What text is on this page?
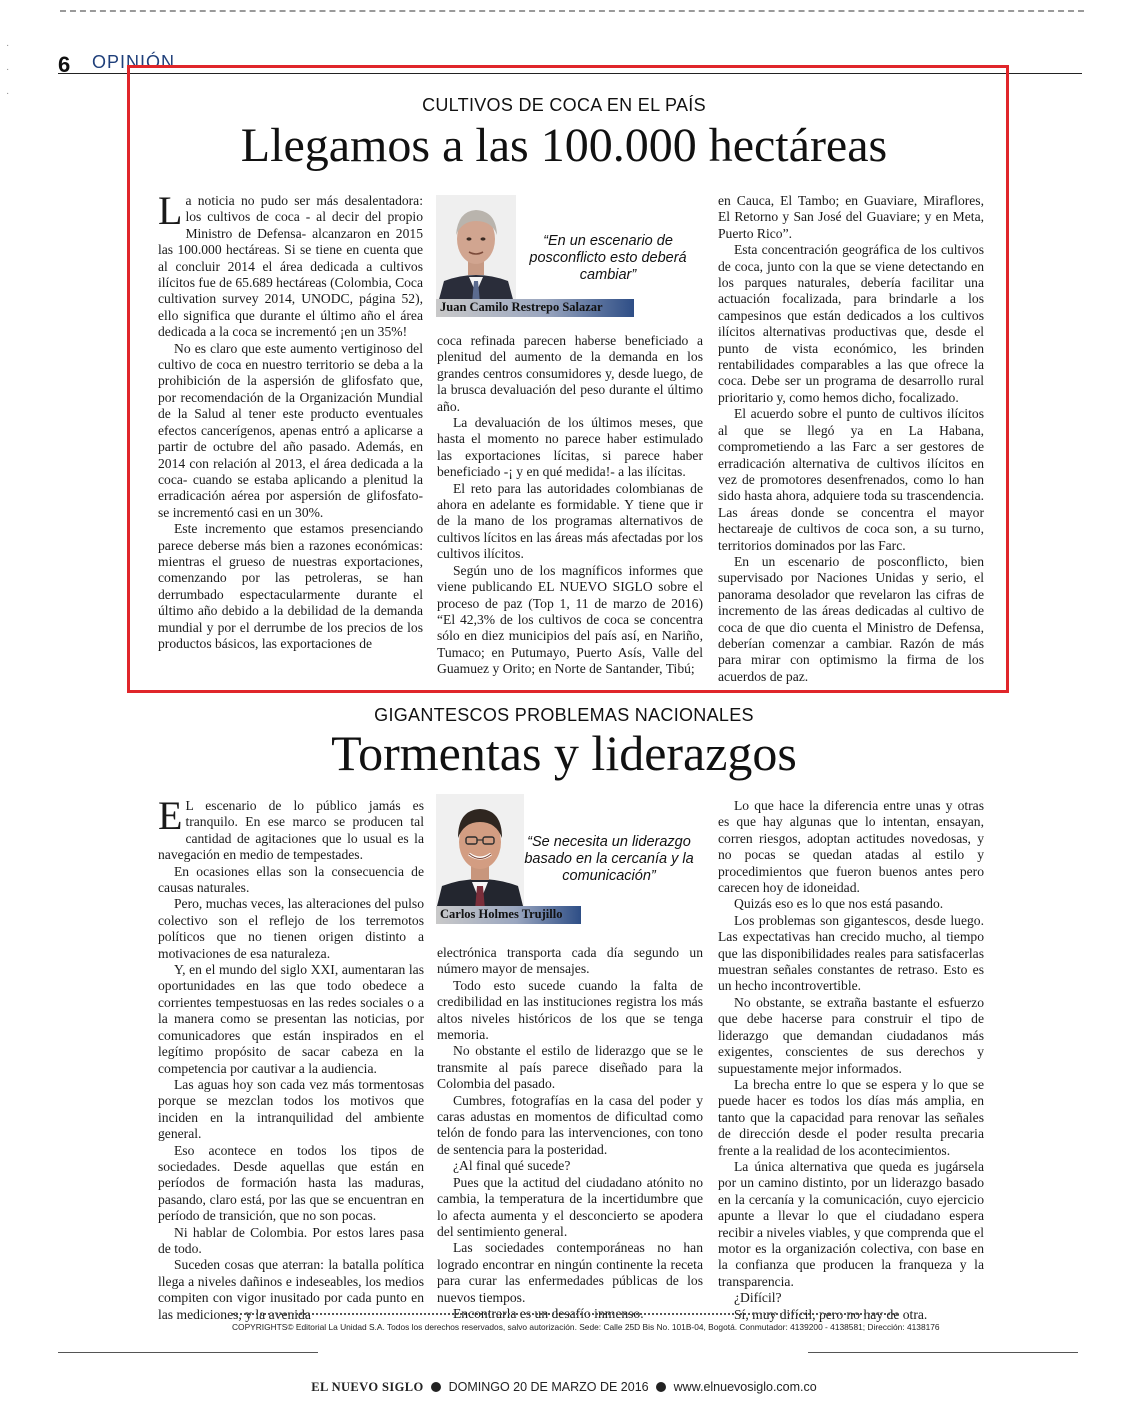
·

·

·
6 OPINIÓN
CULTIVOS DE COCA EN EL PAÍS
Llegamos a las 100.000 hectáreas

La noticia no pudo ser más desalentadora: los cultivos de coca - al decir del propio Ministro de Defensa- alcanzaron en 2015 las 100.000 hectáreas. Si se tiene en cuenta que al concluir 2014 el área dedicada a cultivos ilícitos fue de 65.689 hectáreas (Colombia, Coca cultivation survey 2014, UNODC, página 52), ello significa que durante el último año el área dedicada a la coca se incrementó ¡en un 35%!

No es claro que este aumento vertiginoso del cultivo de coca en nuestro territorio se deba a la prohibición de la aspersión de glifosfato que, por recomendación de la Organización Mundial de la Salud al tener este producto eventuales efectos cancerígenos, apenas entró a aplicarse a partir de octubre del año pasado. Además, en 2014 con relación al 2013, el área dedicada a la coca- cuando se estaba aplicando a plenitud la erradicación aérea por aspersión de glifosfato- se incrementó casi en un 30%.

Este incremento que estamos presenciando parece deberse más bien a razones económicas: mientras el grueso de nuestras exportaciones, comenzando por las petroleras, se han derrumbado espectacularmente durante el último año debido a la debilidad de la demanda mundial y por el derrumbe de los precios de los productos básicos, las exportaciones de

“En un escenario de posconflicto esto deberá cambiar”
Juan Camilo Restrepo Salazar

coca refinada parecen haberse beneficiado a plenitud del aumento de la demanda en los grandes centros consumidores y, desde luego, de la brusca devaluación del peso durante el último año.

La devaluación de los últimos meses, que hasta el momento no parece haber estimulado las exportaciones lícitas, si parece haber beneficiado -¡ y en qué medida!- a las ilícitas.

El reto para las autoridades colombianas de ahora en adelante es formidable. Y tiene que ir de la mano de los programas alternativos de cultivos lícitos en las áreas más afectadas por los cultivos ilícitos.

Según uno de los magníficos informes que viene publicando EL NUEVO SIGLO sobre el proceso de paz (Top 1, 11 de marzo de 2016) “El 42,3% de los cultivos de coca se concentra sólo en diez municipios del país así, en Nariño, Tumaco; en Putumayo, Puerto Asís, Valle del Guamuez y Orito; en Norte de Santander, Tibú;

en Cauca, El Tambo; en Guaviare, Miraflores, El Retorno y San José del Guaviare; y en Meta, Puerto Rico”.

Esta concentración geográfica de los cultivos de coca, junto con la que se viene detectando en los parques naturales, debería facilitar una actuación focalizada, para brindarle a los campesinos que están dedicados a los cultivos ilícitos alternativas productivas que, desde el punto de vista económico, les brinden rentabilidades comparables a las que ofrece la coca. Debe ser un programa de desarrollo rural prioritario y, como hemos dicho, focalizado.

El acuerdo sobre el punto de cultivos ilícitos al que se llegó ya en La Habana, comprometiendo a las Farc a ser gestores de erradicación alternativa de cultivos ilícitos en vez de promotores desenfrenados, como lo han sido hasta ahora, adquiere toda su trascendencia. Las áreas donde se concentra el mayor hectareaje de cultivos de coca son, a su turno, territorios dominados por las Farc.

En un escenario de posconflicto, bien supervisado por Naciones Unidas y serio, el panorama desolador que revelaron las cifras de incremento de las áreas dedicadas al cultivo de coca de que dio cuenta el Ministro de Defensa, deberían comenzar a cambiar. Razón de más para mirar con optimismo la firma de los acuerdos de paz.

GIGANTESCOS PROBLEMAS NACIONALES
Tormentas y liderazgos

E L escenario de lo público jamás es tranquilo. En ese marco se producen tal cantidad de agitaciones que lo usual es la navegación en medio de tempestades.

En ocasiones ellas son la consecuencia de causas naturales.

Pero, muchas veces, las alteraciones del pulso colectivo son el reflejo de los terremotos políticos que no tienen origen distinto a motivaciones de esa naturaleza.

Y, en el mundo del siglo XXI, aumentaran las oportunidades en las que todo obedece a corrientes tempestuosas en las redes sociales o a la manera como se presentan las noticias, por comunicadores que están inspirados en el legítimo propósito de sacar cabeza en la competencia por cautivar a la audiencia.

Las aguas hoy son cada vez más tormentosas porque se mezclan todos los motivos que inciden en la intranquilidad del ambiente general.

Eso acontece en todos los tipos de sociedades. Desde aquellas que están en períodos de formación hasta las maduras, pasando, claro está, por las que se encuentran en período de transición, que no son pocas.

Ni hablar de Colombia. Por estos lares pasa de todo.

Suceden cosas que aterran: la batalla política llega a niveles dañinos e indeseables, los medios compiten con vigor inusitado por cada punto en las mediciones, y la avenida

“Se necesita un liderazgo basado en la cercanía y la comunicación”
Carlos Holmes Trujillo

electrónica transporta cada día segundo un número mayor de mensajes.

Todo esto sucede cuando la falta de credibilidad en las instituciones registra los más altos niveles históricos de los que se tenga memoria.

No obstante el estilo de liderazgo que se le transmite al país parece diseñado para la Colombia del pasado.

Cumbres, fotografías en la casa del poder y caras adustas en momentos de dificultad como telón de fondo para las intervenciones, con tono de sentencia para la posteridad.

¿Al final qué sucede?

Pues que la actitud del ciudadano atónito no cambia, la temperatura de la incertidumbre que lo afecta aumenta y el desconcierto se apodera del sentimiento general.

Las sociedades contemporáneas no han logrado encontrar en ningún continente la receta para curar las enfermedades públicas de los nuevos tiempos.

Encontrarla es un desafío inmenso.

Lo que hace la diferencia entre unas y otras es que hay algunas que lo intentan, ensayan, corren riesgos, adoptan actitudes novedosas, y no pocas se quedan atadas al estilo y procedimientos que fueron buenos antes pero carecen hoy de idoneidad.

Quizás eso es lo que nos está pasando.

Los problemas son gigantescos, desde luego. Las expectativas han crecido mucho, al tiempo que las disponibilidades reales para satisfacerlas muestran señales constantes de retraso. Esto es un hecho incontrovertible.

No obstante, se extraña bastante el esfuerzo que debe hacerse para construir el tipo de liderazgo que demandan ciudadanos más exigentes, conscientes de sus derechos y supuestamente mejor informados.

La brecha entre lo que se espera y lo que se puede hacer es todos los días más amplia, en tanto que la capacidad para renovar las señales de dirección desde el poder resulta precaria frente a la realidad de los acontecimientos.

La única alternativa que queda es jugársela por un camino distinto, por un liderazgo basado en la cercanía y la comunicación, cuyo ejercicio apunte a llevar lo que el ciudadano espera recibir a niveles viables, y que comprenda que el motor es la organización colectiva, con base en la confianza que producen la franqueza y la transparencia.

¿Difícil?

Sí, muy difícil, pero no hay de otra.

COPYRIGHTS© Editorial La Unidad S.A. Todos los derechos reservados, salvo autorización. Sede: Calle 25D Bis No. 101B-04, Bogotá. Conmutador: 4139200 - 4138581; Dirección: 4138176
EL NUEVO SIGLO DOMINGO 20 DE MARZO DE 2016 www.elnuevosiglo.com.co
